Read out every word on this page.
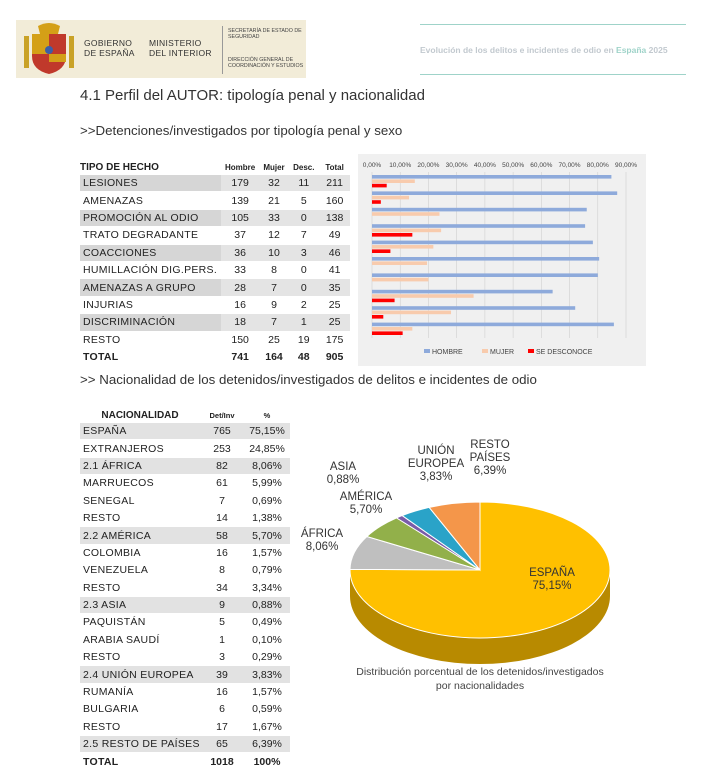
GOBIERNO
DE ESPAÑA
MINISTERIO
DEL INTERIOR
SECRETARÍA DE ESTADO DE SEGURIDAD
DIRECCIÓN GENERAL DE COORDINACIÓN Y ESTUDIOS
Evolución de los delitos e incidentes de odio en España 2025
4.1 Perfil del AUTOR: tipología penal y nacionalidad
>>Detenciones/investigados por tipología penal y sexo
>> Nacionalidad de los detenidos/investigados de delitos e incidentes de odio
TIPO DE HECHO	Hombre	Mujer	Desc.	Total
LESIONES	179	32	11	211
AMENAZAS	139	21	5	160
PROMOCIÓN AL ODIO	105	33	0	138
TRATO DEGRADANTE	37	12	7	49
COACCIONES	36	10	3	46
HUMILLACIÓN DIG.PERS.	33	8	0	41
AMENAZAS A GRUPO	28	7	0	35
INJURIAS	16	9	2	25
DISCRIMINACIÓN	18	7	1	25
RESTO	150	25	19	175
TOTAL	741	164	48	905
0,00% 10,00% 20,00% 30,00% 40,00% 50,00% 60,00% 70,00% 80,00% 90,00%
HOMBRE	MUJER	SE DESCONOCE
NACIONALIDAD	Det/Inv	%
ESPAÑA	765	75,15%
EXTRANJEROS	253	24,85%
2.1 ÁFRICA	82	8,06%
MARRUECOS	61	5,99%
SENEGAL	7	0,69%
RESTO	14	1,38%
2.2 AMÉRICA	58	5,70%
COLOMBIA	16	1,57%
VENEZUELA	8	0,79%
RESTO	34	3,34%
2.3 ASIA	9	0,88%
PAQUISTÁN	5	0,49%
ARABIA SAUDÍ	1	0,10%
RESTO	3	0,29%
2.4 UNIÓN EUROPEA	39	3,83%
RUMANÍA	16	1,57%
BULGARIA	6	0,59%
RESTO	17	1,67%
2.5 RESTO DE PAÍSES	65	6,39%
TOTAL	1018	100%
ESPAÑA
75,15%
ÁFRICA
8,06%
AMÉRICA
5,70%
ASIA
0,88%
UNIÓN
EUROPEA
3,83%
RESTO
PAÍSES
6,39%
Distribución porcentual de los detenidos/investigados
por nacionalidades
